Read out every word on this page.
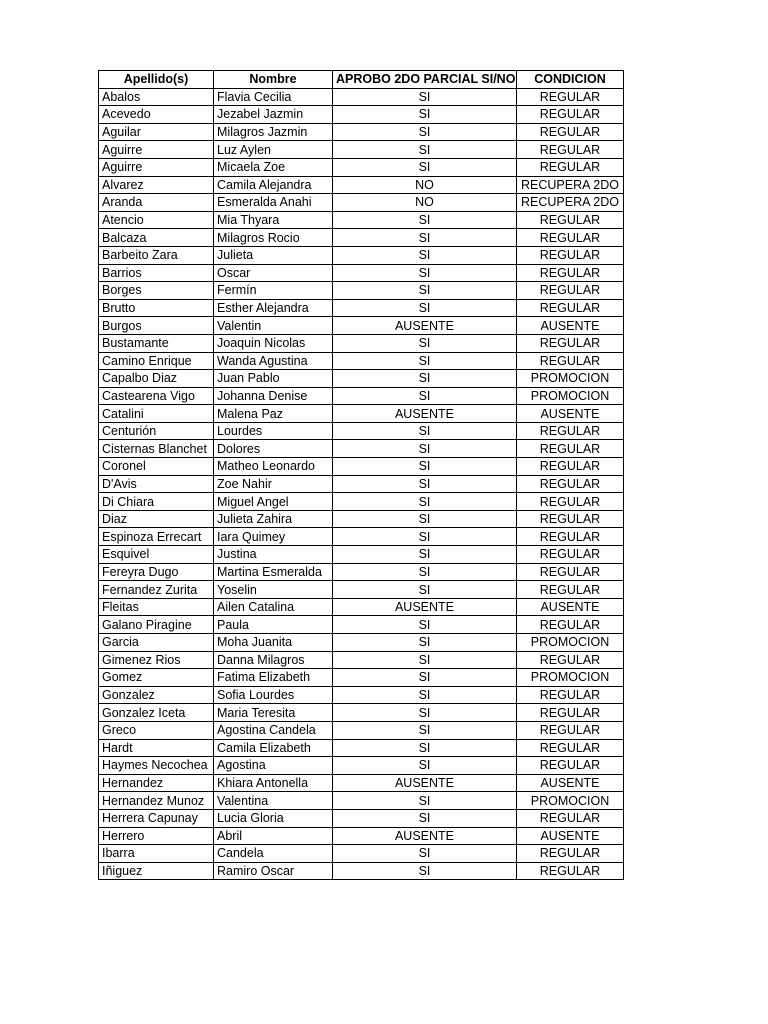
Apellido(s)	Nombre	APROBO 2DO PARCIAL SI/NO	CONDICION
Abalos	Flavia Cecilia	SI	REGULAR
Acevedo	Jezabel Jazmin	SI	REGULAR
Aguilar	Milagros Jazmin	SI	REGULAR
Aguirre	Luz Aylen	SI	REGULAR
Aguirre	Micaela Zoe	SI	REGULAR
Alvarez	Camila Alejandra	NO	RECUPERA 2DO
Aranda	Esmeralda Anahi	NO	RECUPERA 2DO
Atencio	Mia Thyara	SI	REGULAR
Balcaza	Milagros Rocio	SI	REGULAR
Barbeito Zara	Julieta	SI	REGULAR
Barrios	Oscar	SI	REGULAR
Borges	Fermín	SI	REGULAR
Brutto	Esther Alejandra	SI	REGULAR
Burgos	Valentin	AUSENTE	AUSENTE
Bustamante	Joaquin Nicolas	SI	REGULAR
Camino Enrique	Wanda Agustina	SI	REGULAR
Capalbo Diaz	Juan Pablo	SI	PROMOCION
Castearena Vigo	Johanna Denise	SI	PROMOCION
Catalini	Malena Paz	AUSENTE	AUSENTE
Centurión	Lourdes	SI	REGULAR
Cisternas Blanchet	Dolores	SI	REGULAR
Coronel	Matheo Leonardo	SI	REGULAR
D'Avis	Zoe Nahir	SI	REGULAR
Di Chiara	Miguel Angel	SI	REGULAR
Diaz	Julieta Zahira	SI	REGULAR
Espinoza Errecart	Iara Quimey	SI	REGULAR
Esquivel	Justina	SI	REGULAR
Fereyra Dugo	Martina Esmeralda	SI	REGULAR
Fernandez Zurita	Yoselin	SI	REGULAR
Fleitas	Ailen Catalina	AUSENTE	AUSENTE
Galano Piragine	Paula	SI	REGULAR
Garcia	Moha Juanita	SI	PROMOCION
Gimenez Rios	Danna Milagros	SI	REGULAR
Gomez	Fatima Elizabeth	SI	PROMOCION
Gonzalez	Sofia Lourdes	SI	REGULAR
Gonzalez Iceta	Maria Teresita	SI	REGULAR
Greco	Agostina Candela	SI	REGULAR
Hardt	Camila Elizabeth	SI	REGULAR
Haymes Necochea	Agostina	SI	REGULAR
Hernandez	Khiara Antonella	AUSENTE	AUSENTE
Hernandez Munoz	Valentina	SI	PROMOCION
Herrera Capunay	Lucia Gloria	SI	REGULAR
Herrero	Abril	AUSENTE	AUSENTE
Ibarra	Candela	SI	REGULAR
Iñiguez	Ramiro Oscar	SI	REGULAR
